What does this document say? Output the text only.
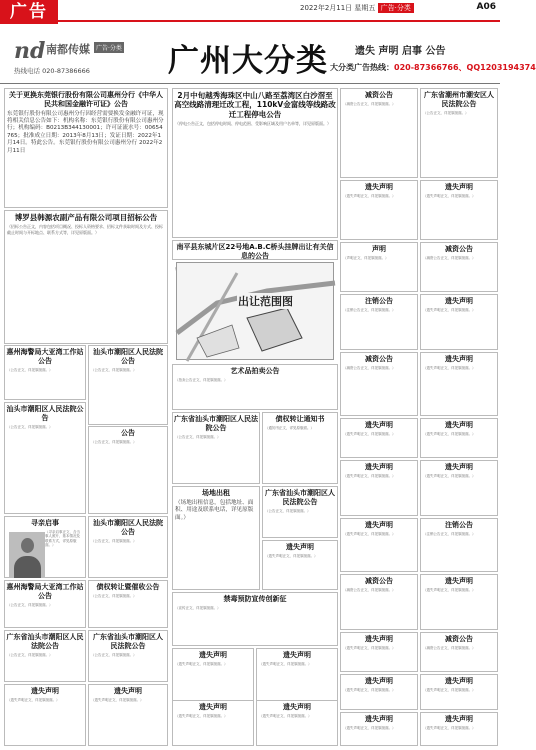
广告	2022年2月11日 星期五 广告·分类	A06
nd 南都传媒	广告·分类
热线电话 020-87386666	广州大分类	遗失 声明 启事 公告
大分类广告热线：020-87366766、QQ1203194374
关于更换东莞银行股份有限公司惠州分行《中华人民共和国金融许可证》公告
东莞银行股份有限公司惠州分行因经营需要换发金融许可证，现将相关信息公告如下：机构名称：东莞银行股份有限公司惠州分行；机构编码：B0213B344130001；许可证流水号：00654765；批准成立日期：2013年8月13日；发证日期：2022年1月14日。特此公告。东莞银行股份有限公司惠州分行 2022年2月11日
博罗县韩源农副产品有限公司项目招标公告
（招标公告正文，内容包括项目概况、投标人资格要求、招标文件获取时间及方式、投标截止时间与开标地点、联系方式等，详见原版面。）
惠州海警局大亚湾工作站公告
（公告正文，详见原版面。）
汕头市潮阳区人民法院公告
（公告正文，详见原版面。）
汕头市潮阳区人民法院公告
（公告正文，详见原版面。）
公告
（公告正文，详见原版面。）
寻亲启事
（寻亲启事正文，含当事人照片、基本情况及联系方式，详见原版面。）
汕头市潮阳区人民法院公告
（公告正文，详见原版面。）
惠州海警局大亚湾工作站公告
（公告正文，详见原版面。）
债权转让暨催收公告
（公告正文，详见原版面。）
广东省汕头市潮阳区人民法院公告
（公告正文，详见原版面。）
广东省汕头市潮阳区人民法院公告
（公告正文，详见原版面。）
遗失声明
（遗失声明正文，详见原版面。）
遗失声明
（遗失声明正文，详见原版面。）
2月中旬越秀海珠区中山八路至荔湾区白沙滘至高空线路清理迁改工程，110kV金富线等线路改迁工程停电公告
（停电公告正文，包括停电时间、停电范围、受影响区域及用户名单等，详见原版面。）
南平县东城片区22号地A.B.C桥头挂牌出让有关信息的公告
艺术品拍卖公告
（拍卖公告正文，详见原版面。）
广东省汕头市潮阳区人民法院公告
（公告正文，详见原版面。）
债权转让通知书
（通知书正文，详见原版面。）
场地出租
（场地出租信息，包括地址、面积、用途及联系电话，详见原版面。）
广东省汕头市潮阳区人民法院公告
（公告正文，详见原版面。）
遗失声明
（遗失声明正文，详见原版面。）
禁毒预防宣传创新征
（宣传正文，详见原版面。）
遗失声明
（遗失声明正文，详见原版面。）
遗失声明
（遗失声明正文，详见原版面。）
遗失声明
（遗失声明正文，详见原版面。）
遗失声明
（遗失声明正文，详见原版面。）
减资公告
（减资公告正文，详见原版面。）
广东省潮州市潮安区人民法院公告
（公告正文，详见原版面。）
遗失声明
（遗失声明正文，详见原版面。）
遗失声明
（遗失声明正文，详见原版面。）
声明
（声明正文，详见原版面。）
减资公告
（减资公告正文，详见原版面。）
注销公告
（注销公告正文，详见原版面。）
遗失声明
（遗失声明正文，详见原版面。）
减资公告
（减资公告正文，详见原版面。）
遗失声明
（遗失声明正文，详见原版面。）
遗失声明
（遗失声明正文，详见原版面。）
遗失声明
（遗失声明正文，详见原版面。）
遗失声明
（遗失声明正文，详见原版面。）
遗失声明
（遗失声明正文，详见原版面。）
遗失声明
（遗失声明正文，详见原版面。）
注销公告
（注销公告正文，详见原版面。）
减资公告
（减资公告正文，详见原版面。）
遗失声明
（遗失声明正文，详见原版面。）
遗失声明
（遗失声明正文，详见原版面。）
减资公告
（减资公告正文，详见原版面。）
遗失声明
（遗失声明正文，详见原版面。）
遗失声明
（遗失声明正文，详见原版面。）
遗失声明
（遗失声明正文，详见原版面。）
遗失声明
（遗失声明正文，详见原版面。）
出让范围图
